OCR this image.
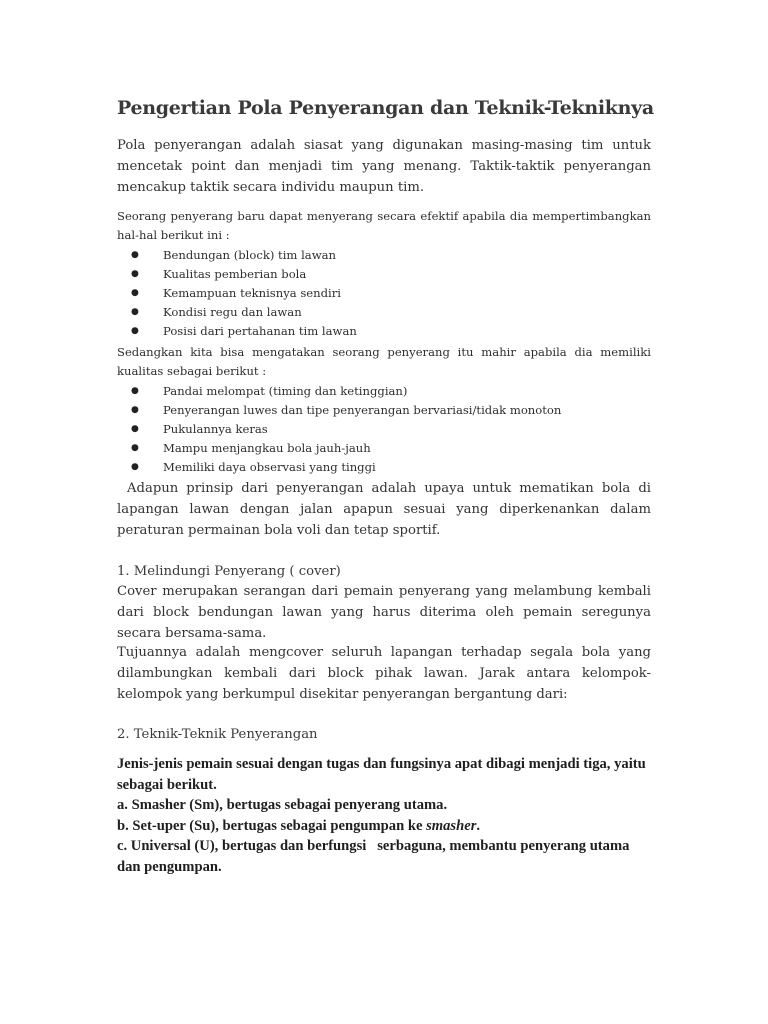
Pengertian Pola Penyerangan dan Teknik-Tekniknya

Pola penyerangan adalah siasat yang digunakan masing-masing tim untuk mencetak point dan menjadi tim yang menang. Taktik-taktik penyerangan mencakup taktik secara individu maupun tim.

Seorang penyerang baru dapat menyerang secara efektif apabila dia mempertimbangkan hal-hal berikut ini :

● Bendungan (block) tim lawan
● Kualitas pemberian bola
● Kemampuan teknisnya sendiri
● Kondisi regu dan lawan
● Posisi dari pertahanan tim lawan

Sedangkan kita bisa mengatakan seorang penyerang itu mahir apabila dia memiliki kualitas sebagai berikut :

● Pandai melompat (timing dan ketinggian)
● Penyerangan luwes dan tipe penyerangan bervariasi/tidak monoton
● Pukulannya keras
● Mampu menjangkau bola jauh-jauh
● Memiliki daya observasi yang tinggi

Adapun prinsip dari penyerangan adalah upaya untuk mematikan bola di lapangan lawan dengan jalan apapun sesuai yang diperkenankan dalam peraturan permainan bola voli dan tetap sportif.

1. Melindungi Penyerang ( cover)

Cover merupakan serangan dari pemain penyerang yang melambung kembali dari block bendungan lawan yang harus diterima oleh pemain seregunya secara bersama-sama.

Tujuannya adalah mengcover seluruh lapangan terhadap segala bola yang dilambungkan kembali dari block pihak lawan. Jarak antara kelompok-kelompok yang berkumpul disekitar penyerangan bergantung dari:

2. Teknik-Teknik Penyerangan

Jenis-jenis pemain sesuai dengan tugas dan fungsinya apat dibagi menjadi tiga, yaitu sebagai berikut.

a. Smasher (Sm), bertugas sebagai penyerang utama.

b. Set-uper (Su), bertugas sebagai pengumpan ke smasher.

c. Universal (U), bertugas dan berfungsi   serbaguna, membantu penyerang utama dan pengumpan.
